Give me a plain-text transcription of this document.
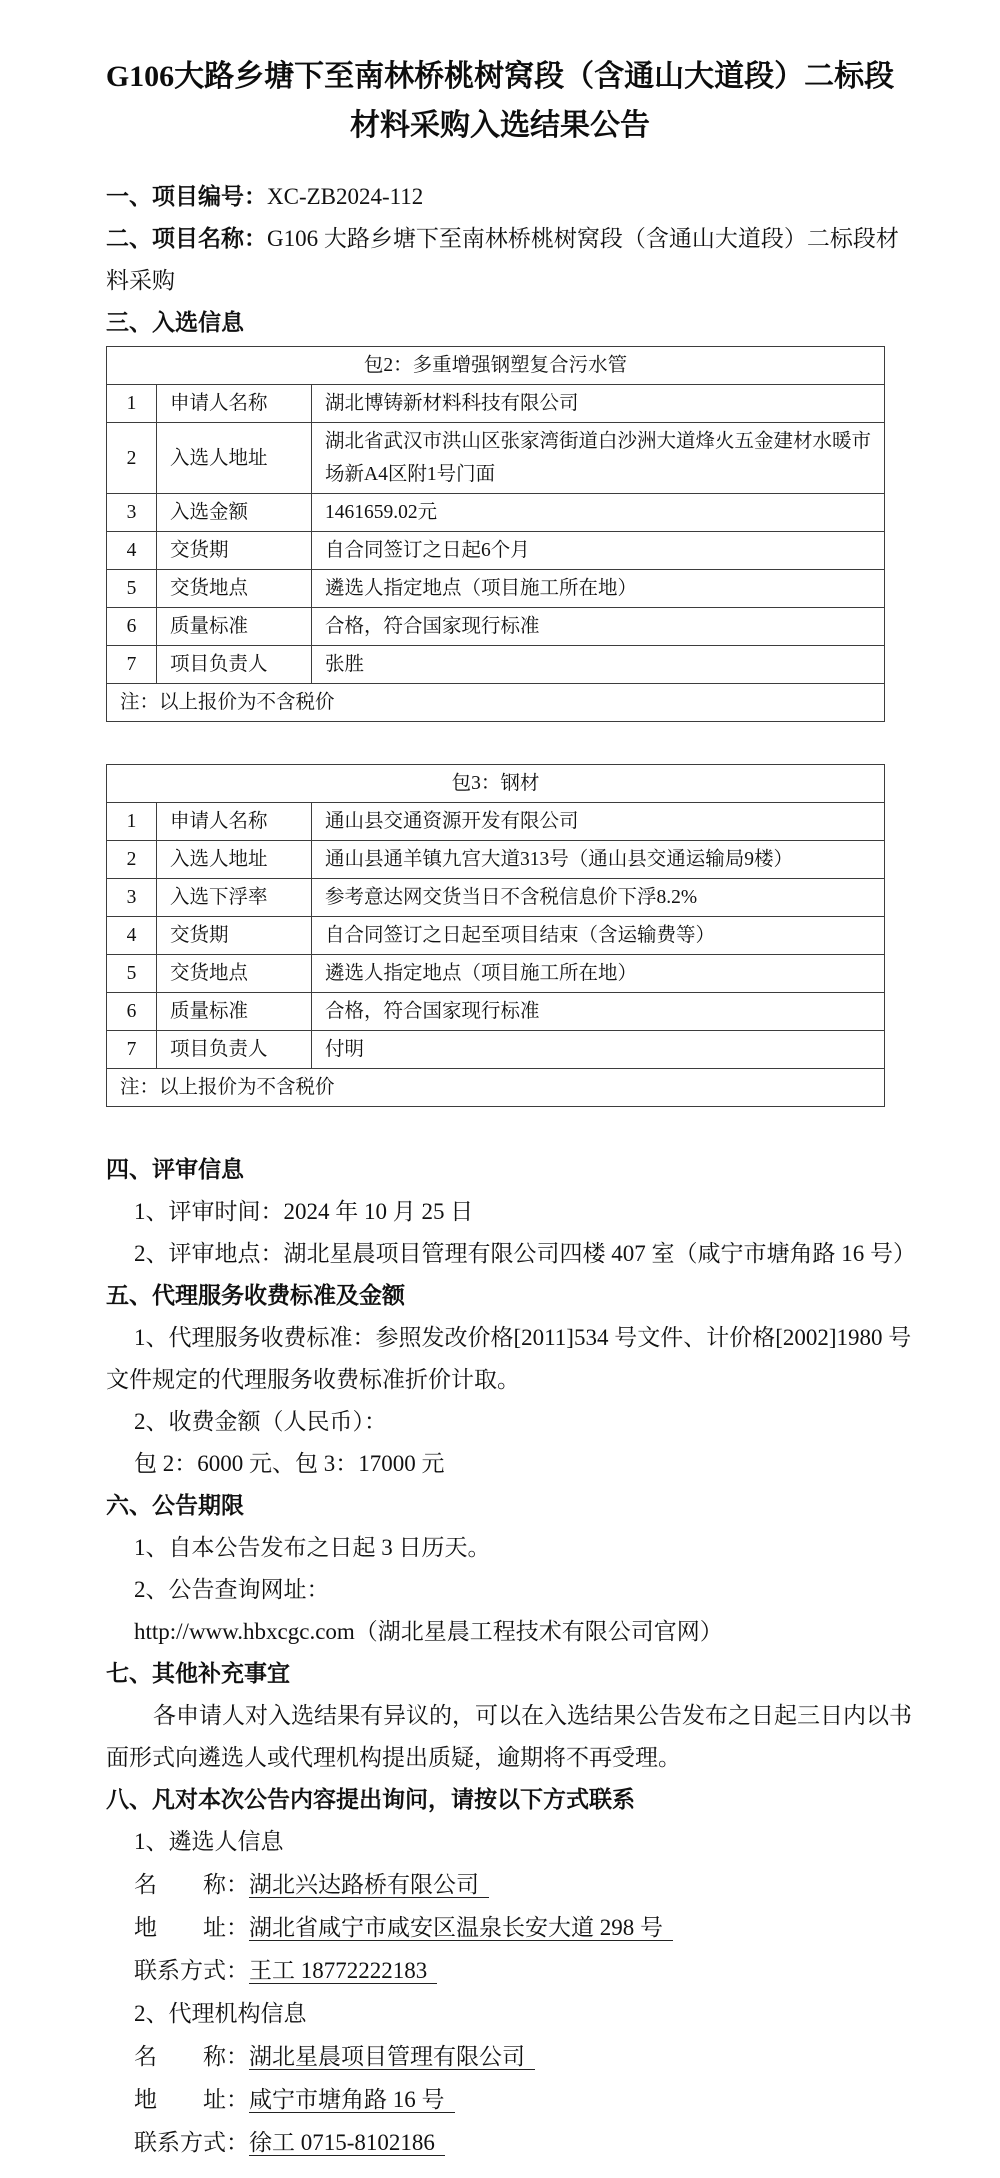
G106大路乡塘下至南林桥桃树窝段（含通山大道段）二标段
材料采购入选结果公告

一、项目编号：XC-ZB2024-112

二、项目名称：G106 大路乡塘下至南林桥桃树窝段（含通山大道段）二标段材料采购

三、入选信息

包2：多重增强钢塑复合污水管		
1	申请人名称	湖北博铸新材料科技有限公司
2	入选人地址	湖北省武汉市洪山区张家湾街道白沙洲大道烽火五金建材水暖市场新A4区附1号门面
3	入选金额	1461659.02元
4	交货期	自合同签订之日起6个月
5	交货地点	遴选人指定地点（项目施工所在地）
6	质量标准	合格，符合国家现行标准
7	项目负责人	张胜
注：以上报价为不含税价		
包3：钢材		
1	申请人名称	通山县交通资源开发有限公司
2	入选人地址	通山县通羊镇九宫大道313号（通山县交通运输局9楼）
3	入选下浮率	参考意达网交货当日不含税信息价下浮8.2%
4	交货期	自合同签订之日起至项目结束（含运输费等）
5	交货地点	遴选人指定地点（项目施工所在地）
6	质量标准	合格，符合国家现行标准
7	项目负责人	付明
注：以上报价为不含税价		

四、评审信息

1、评审时间：2024 年 10 月 25 日

2、评审地点：湖北星晨项目管理有限公司四楼 407 室（咸宁市塘角路 16 号）

五、代理服务收费标准及金额

1、代理服务收费标准：参照发改价格[2011]534 号文件、计价格[2002]1980 号文件规定的代理服务收费标准折价计取。

2、收费金额（人民币）：

包 2：6000 元、包 3：17000 元

六、公告期限

1、自本公告发布之日起 3 日历天。

2、公告查询网址：

http://www.hbxcgc.com（湖北星晨工程技术有限公司官网）

七、其他补充事宜

各申请人对入选结果有异议的，可以在入选结果公告发布之日起三日内以书面形式向遴选人或代理机构提出质疑，逾期将不再受理。

八、凡对本次公告内容提出询问，请按以下方式联系

1、遴选人信息

名　　称：湖北兴达路桥有限公司

地　　址：湖北省咸宁市咸安区温泉长安大道 298 号

联系方式：王工 18772222183

2、代理机构信息

名　　称：湖北星晨项目管理有限公司

地　　址：咸宁市塘角路 16 号

联系方式：徐工 0715-8102186
